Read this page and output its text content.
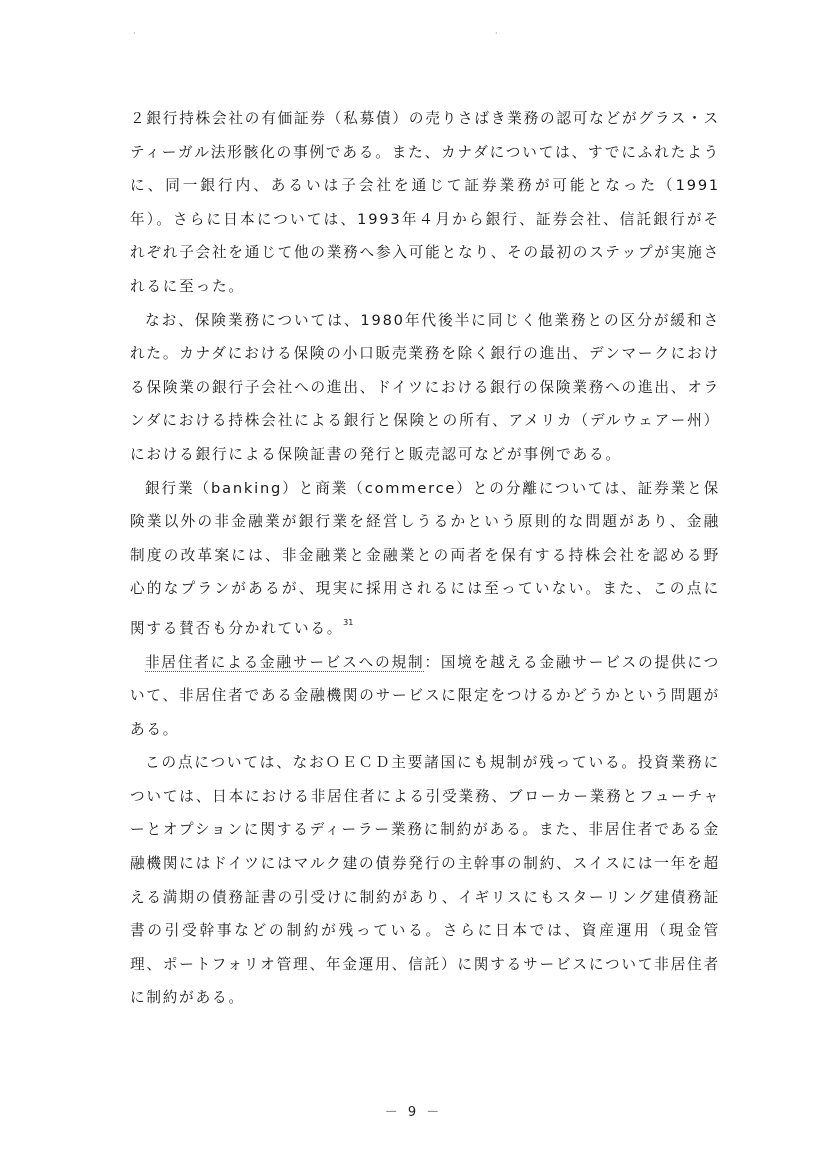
·	·

２銀行持株会社の有価証券（私募債）の売りさばき業務の認可などがグラス・スティーガル法形骸化の事例である。また、カナダについては、すでにふれたように、同一銀行内、あるいは子会社を通じて証券業務が可能となった（1991年）。さらに日本については、1993年４月から銀行、証券会社、信託銀行がそれぞれ子会社を通じて他の業務へ参入可能となり、その最初のステップが実施されるに至った。

なお、保険業務については、1980年代後半に同じく他業務との区分が緩和された。カナダにおける保険の小口販売業務を除く銀行の進出、デンマークにおける保険業の銀行子会社への進出、ドイツにおける銀行の保険業務への進出、オランダにおける持株会社による銀行と保険との所有、アメリカ（デルウェアー州）における銀行による保険証書の発行と販売認可などが事例である。

銀行業（banking）と商業（commerce）との分離については、証券業と保険業以外の非金融業が銀行業を経営しうるかという原則的な問題があり、金融制度の改革案には、非金融業と金融業との両者を保有する持株会社を認める野心的なプランがあるが、現実に採用されるには至っていない。また、この点に関する賛否も分かれている。$^{31}$

非居住者による金融サービスへの規制：国境を越える金融サービスの提供について、非居住者である金融機関のサービスに限定をつけるかどうかという問題がある。

この点については、なおＯＥＣＤ主要諸国にも規制が残っている。投資業務については、日本における非居住者による引受業務、ブローカー業務とフューチャーとオプションに関するディーラー業務に制約がある。また、非居住者である金融機関にはドイツにはマルク建の債券発行の主幹事の制約、スイスには一年を超える満期の債務証書の引受けに制約があり、イギリスにもスターリング建債務証書の引受幹事などの制約が残っている。さらに日本では、資産運用（現金管理、ポートフォリオ管理、年金運用、信託）に関するサービスについて非居住者に制約がある。

－ 9 －
